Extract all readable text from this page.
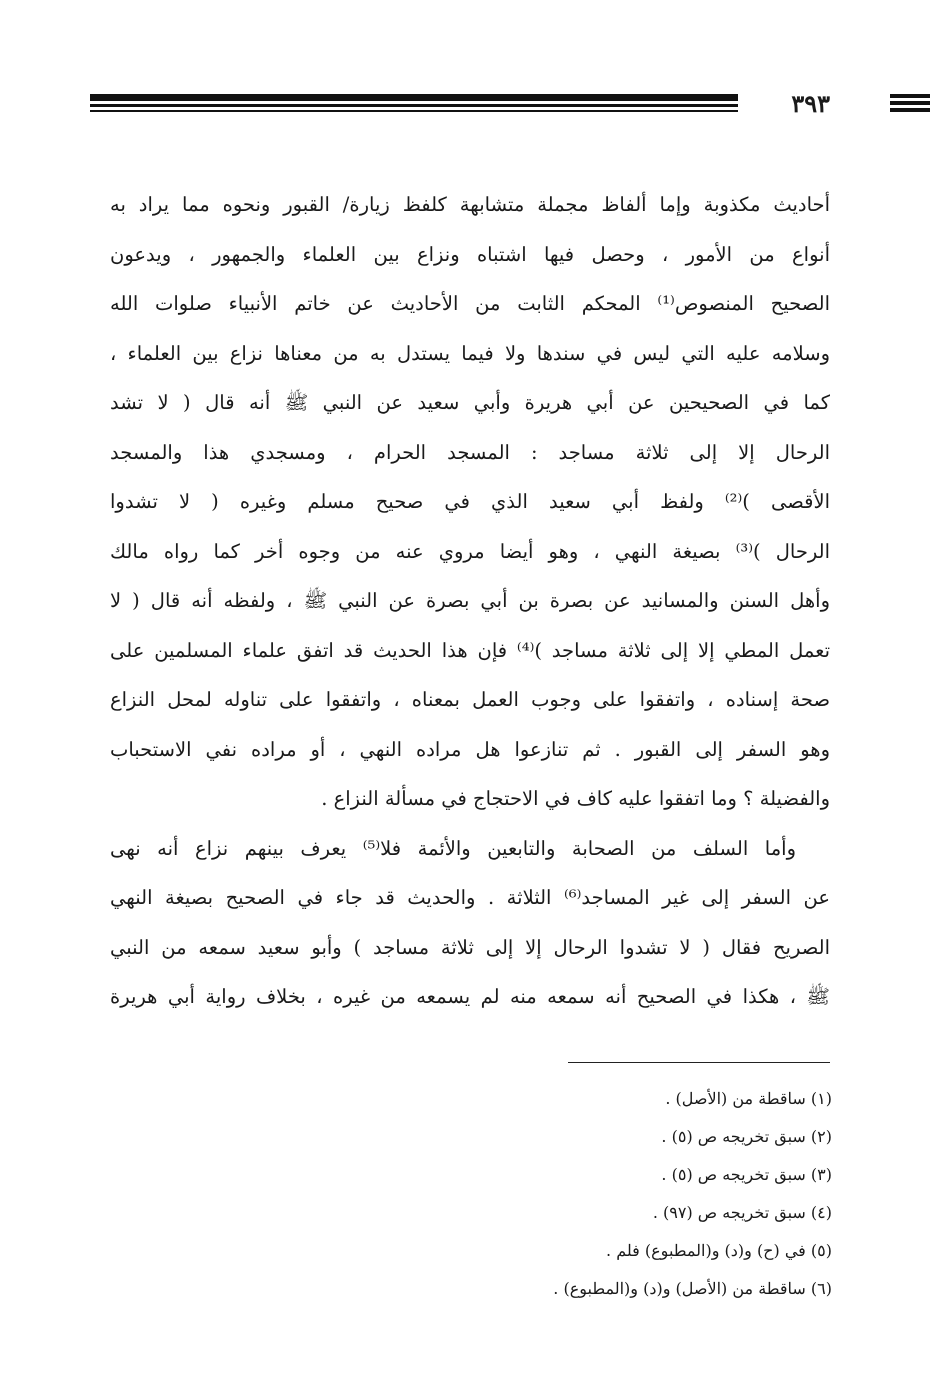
٣٩٣
أحاديث مكذوبة وإما ألفاظ مجملة متشابهة كلفظ زيارة/ القبور ونحوه مما يراد به
أنواع من الأمور ، وحصل فيها اشتباه ونزاع بين العلماء والجمهور ، ويدعون
الصحيح المنصوص⁽¹⁾ المحكم الثابت من الأحاديث عن خاتم الأنبياء صلوات الله
وسلامه عليه التي ليس في سندها ولا فيما يستدل به من معناها نزاع بين العلماء ،
كما في الصحيحين عن أبي هريرة وأبي سعيد عن النبي ﷺ أنه قال ( لا تشد
الرحال إلا إلى ثلاثة مساجد : المسجد الحرام ، ومسجدي هذا والمسجد
الأقصى )⁽²⁾ ولفظ أبي سعيد الذي في صحيح مسلم وغيره ( لا تشدوا
الرحال )⁽³⁾ بصيغة النهي ، وهو أيضا مروي عنه من وجوه أخر كما رواه مالك
وأهل السنن والمسانيد عن بصرة بن أبي بصرة عن النبي ﷺ ، ولفظه أنه قال ( لا
تعمل المطي إلا إلى ثلاثة مساجد )⁽⁴⁾ فإن هذا الحديث قد اتفق علماء المسلمين على
صحة إسناده ، واتفقوا على وجوب العمل بمعناه ، واتفقوا على تناوله لمحل النزاع
وهو السفر إلى القبور . ثم تنازعوا هل مراده النهي ، أو مراده نفي الاستحباب
والفضيلة ؟ وما اتفقوا عليه كاف في الاحتجاج في مسألة النزاع .
وأما السلف من الصحابة والتابعين والأئمة فلا⁽⁵⁾ يعرف بينهم نزاع أنه نهى
عن السفر إلى غير المساجد⁽⁶⁾ الثلاثة . والحديث قد جاء في الصحيح بصيغة النهي
الصريح فقال ( لا تشدوا الرحال إلا إلى ثلاثة مساجد ) وأبو سعيد سمعه من النبي
ﷺ ، هكذا في الصحيح أنه سمعه منه لم يسمعه من غيره ، بخلاف رواية أبي هريرة
(١) ساقطة من (الأصل) .
(٢) سبق تخريجه ص (٥) .
(٣) سبق تخريجه ص (٥) .
(٤) سبق تخريجه ص (٩٧) .
(٥) في (ح) و(د) و(المطبوع) فلم .
(٦) ساقطة من (الأصل) و(د) و(المطبوع) .
